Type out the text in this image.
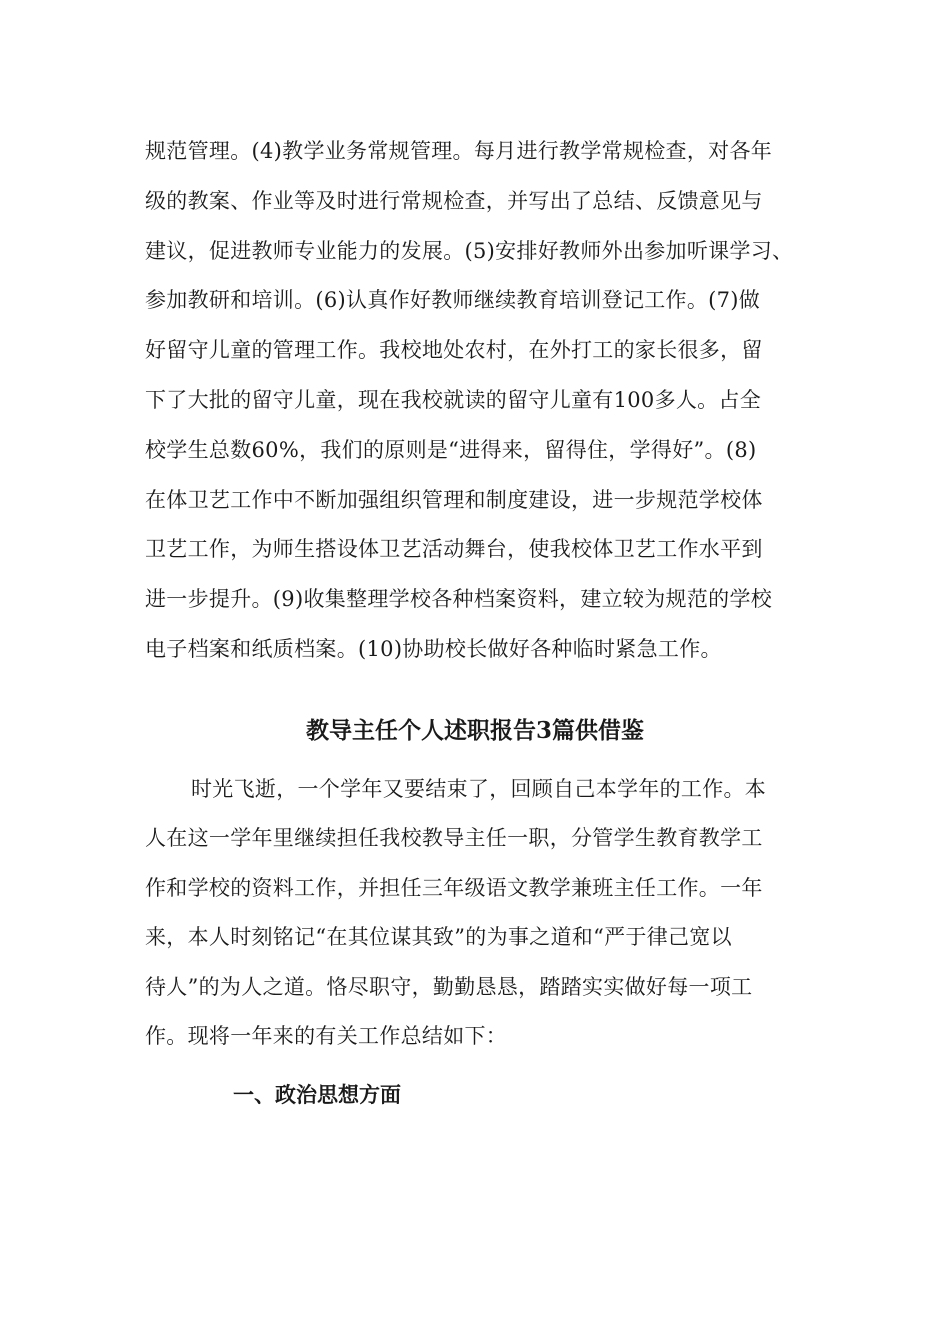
规范管理。(4)教学业务常规管理。每月进行教学常规检查，对各年
级的教案、作业等及时进行常规检查，并写出了总结、反馈意见与
建议，促进教师专业能力的发展。(5)安排好教师外出参加听课学习、
参加教研和培训。(6)认真作好教师继续教育培训登记工作。(7)做
好留守儿童的管理工作。我校地处农村，在外打工的家长很多，留
下了大批的留守儿童，现在我校就读的留守儿童有100多人。占全
校学生总数60%，我们的原则是“进得来，留得住，学得好”。(8)
在体卫艺工作中不断加强组织管理和制度建设，进一步规范学校体
卫艺工作，为师生搭设体卫艺活动舞台，使我校体卫艺工作水平到
进一步提升。(9)收集整理学校各种档案资料，建立较为规范的学校
电子档案和纸质档案。(10)协助校长做好各种临时紧急工作。
教导主任个人述职报告3篇供借鉴
时光飞逝，一个学年又要结束了，回顾自己本学年的工作。本
人在这一学年里继续担任我校教导主任一职，分管学生教育教学工
作和学校的资料工作，并担任三年级语文教学兼班主任工作。一年
来，本人时刻铭记“在其位谋其致”的为事之道和“严于律己宽以
待人”的为人之道。恪尽职守，勤勤恳恳，踏踏实实做好每一项工
作。现将一年来的有关工作总结如下：
一、政治思想方面
